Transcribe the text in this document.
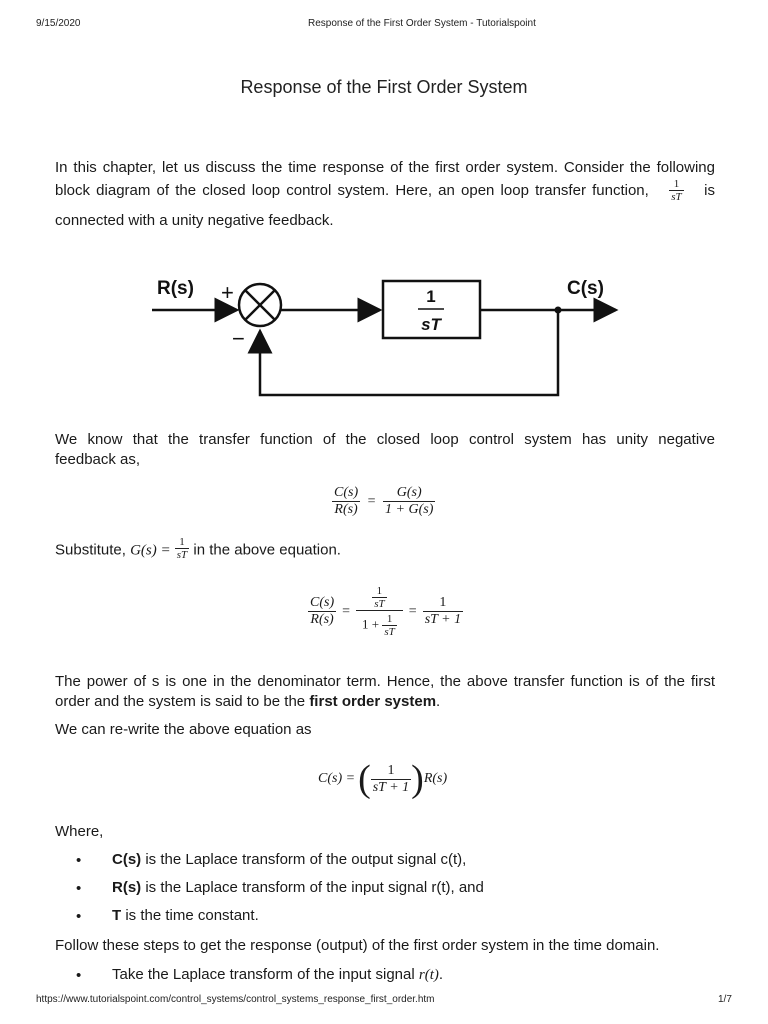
9/15/2020	Response of the First Order System - Tutorialspoint
Response of the First Order System
In this chapter, let us discuss the time response of the first order system. Consider the following
block diagram of the closed loop control system. Here, an open loop transfer function, $\frac{1}{sT}$ is
connected with a unity negative feedback.
R(s) +
−
1
sT
C(s)
We know that the transfer function of the closed loop control system has unity negative
feedback as,
$\frac{C(s)}{R(s)} = \frac{G(s)}{1 + G(s)}$
Substitute, $G(s) = \frac{1}{sT}$ in the above equation.
$\frac{C(s)}{R(s)} = \frac{\frac{1}{sT}}{1 + \frac{1}{sT}} = \frac{1}{sT + 1}$
The power of s is one in the denominator term. Hence, the above transfer function is of the first
order and the system is said to be the first order system.
We can re-write the above equation as
C(s) = ( $\frac{1}{sT + 1}$ ) R(s)
Where,
• C(s) is the Laplace transform of the output signal c(t),
• R(s) is the Laplace transform of the input signal r(t), and
• T is the time constant.
Follow these steps to get the response (output) of the first order system in the time domain.
• Take the Laplace transform of the input signal r(t).
https://www.tutorialspoint.com/control_systems/control_systems_response_first_order.htm	1/7
